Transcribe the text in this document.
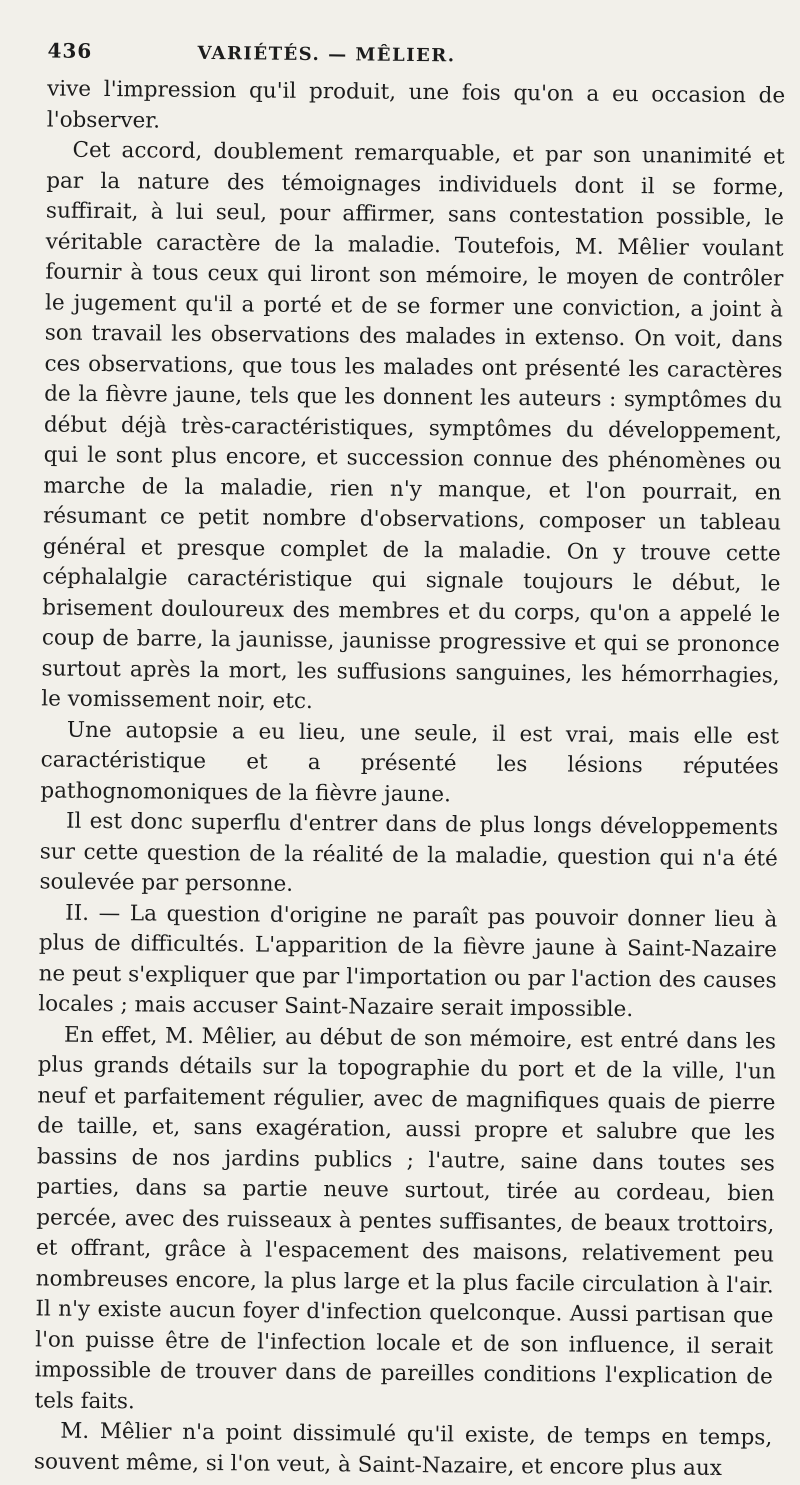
436	VARIÉTÉS. — MÊLIER.

vive l'impression qu'il produit, une fois qu'on a eu occasion de l'observer.

Cet accord, doublement remarquable, et par son unanimité et par la nature des témoignages individuels dont il se forme, suffirait, à lui seul, pour affirmer, sans contestation possible, le véritable caractère de la maladie. Toutefois, M. Mêlier voulant fournir à tous ceux qui liront son mémoire, le moyen de contrôler le jugement qu'il a porté et de se former une conviction, a joint à son travail les observations des malades in extenso. On voit, dans ces observations, que tous les malades ont présenté les caractères de la fièvre jaune, tels que les donnent les auteurs : symptômes du début déjà très-caractéristiques, symptômes du développement, qui le sont plus encore, et succession connue des phénomènes ou marche de la maladie, rien n'y manque, et l'on pourrait, en résumant ce petit nombre d'observations, composer un tableau général et presque complet de la maladie. On y trouve cette céphalalgie caractéristique qui signale toujours le début, le brisement douloureux des membres et du corps, qu'on a appelé le coup de barre, la jaunisse, jaunisse progressive et qui se prononce surtout après la mort, les suffusions sanguines, les hémorrhagies, le vomissement noir, etc.

Une autopsie a eu lieu, une seule, il est vrai, mais elle est caractéristique et a présenté les lésions réputées pathognomoniques de la fièvre jaune.

Il est donc superflu d'entrer dans de plus longs développements sur cette question de la réalité de la maladie, question qui n'a été soulevée par personne.

II. — La question d'origine ne paraît pas pouvoir donner lieu à plus de difficultés. L'apparition de la fièvre jaune à Saint-Nazaire ne peut s'expliquer que par l'importation ou par l'action des causes locales ; mais accuser Saint-Nazaire serait impossible.

En effet, M. Mêlier, au début de son mémoire, est entré dans les plus grands détails sur la topographie du port et de la ville, l'un neuf et parfaitement régulier, avec de magnifiques quais de pierre de taille, et, sans exagération, aussi propre et salubre que les bassins de nos jardins publics ; l'autre, saine dans toutes ses parties, dans sa partie neuve surtout, tirée au cordeau, bien percée, avec des ruisseaux à pentes suffisantes, de beaux trottoirs, et offrant, grâce à l'espacement des maisons, relativement peu nombreuses encore, la plus large et la plus facile circulation à l'air. Il n'y existe aucun foyer d'infection quelconque. Aussi partisan que l'on puisse être de l'infection locale et de son influence, il serait impossible de trouver dans de pareilles conditions l'explication de tels faits.

M. Mêlier n'a point dissimulé qu'il existe, de temps en temps, souvent même, si l'on veut, à Saint-Nazaire, et encore plus aux
